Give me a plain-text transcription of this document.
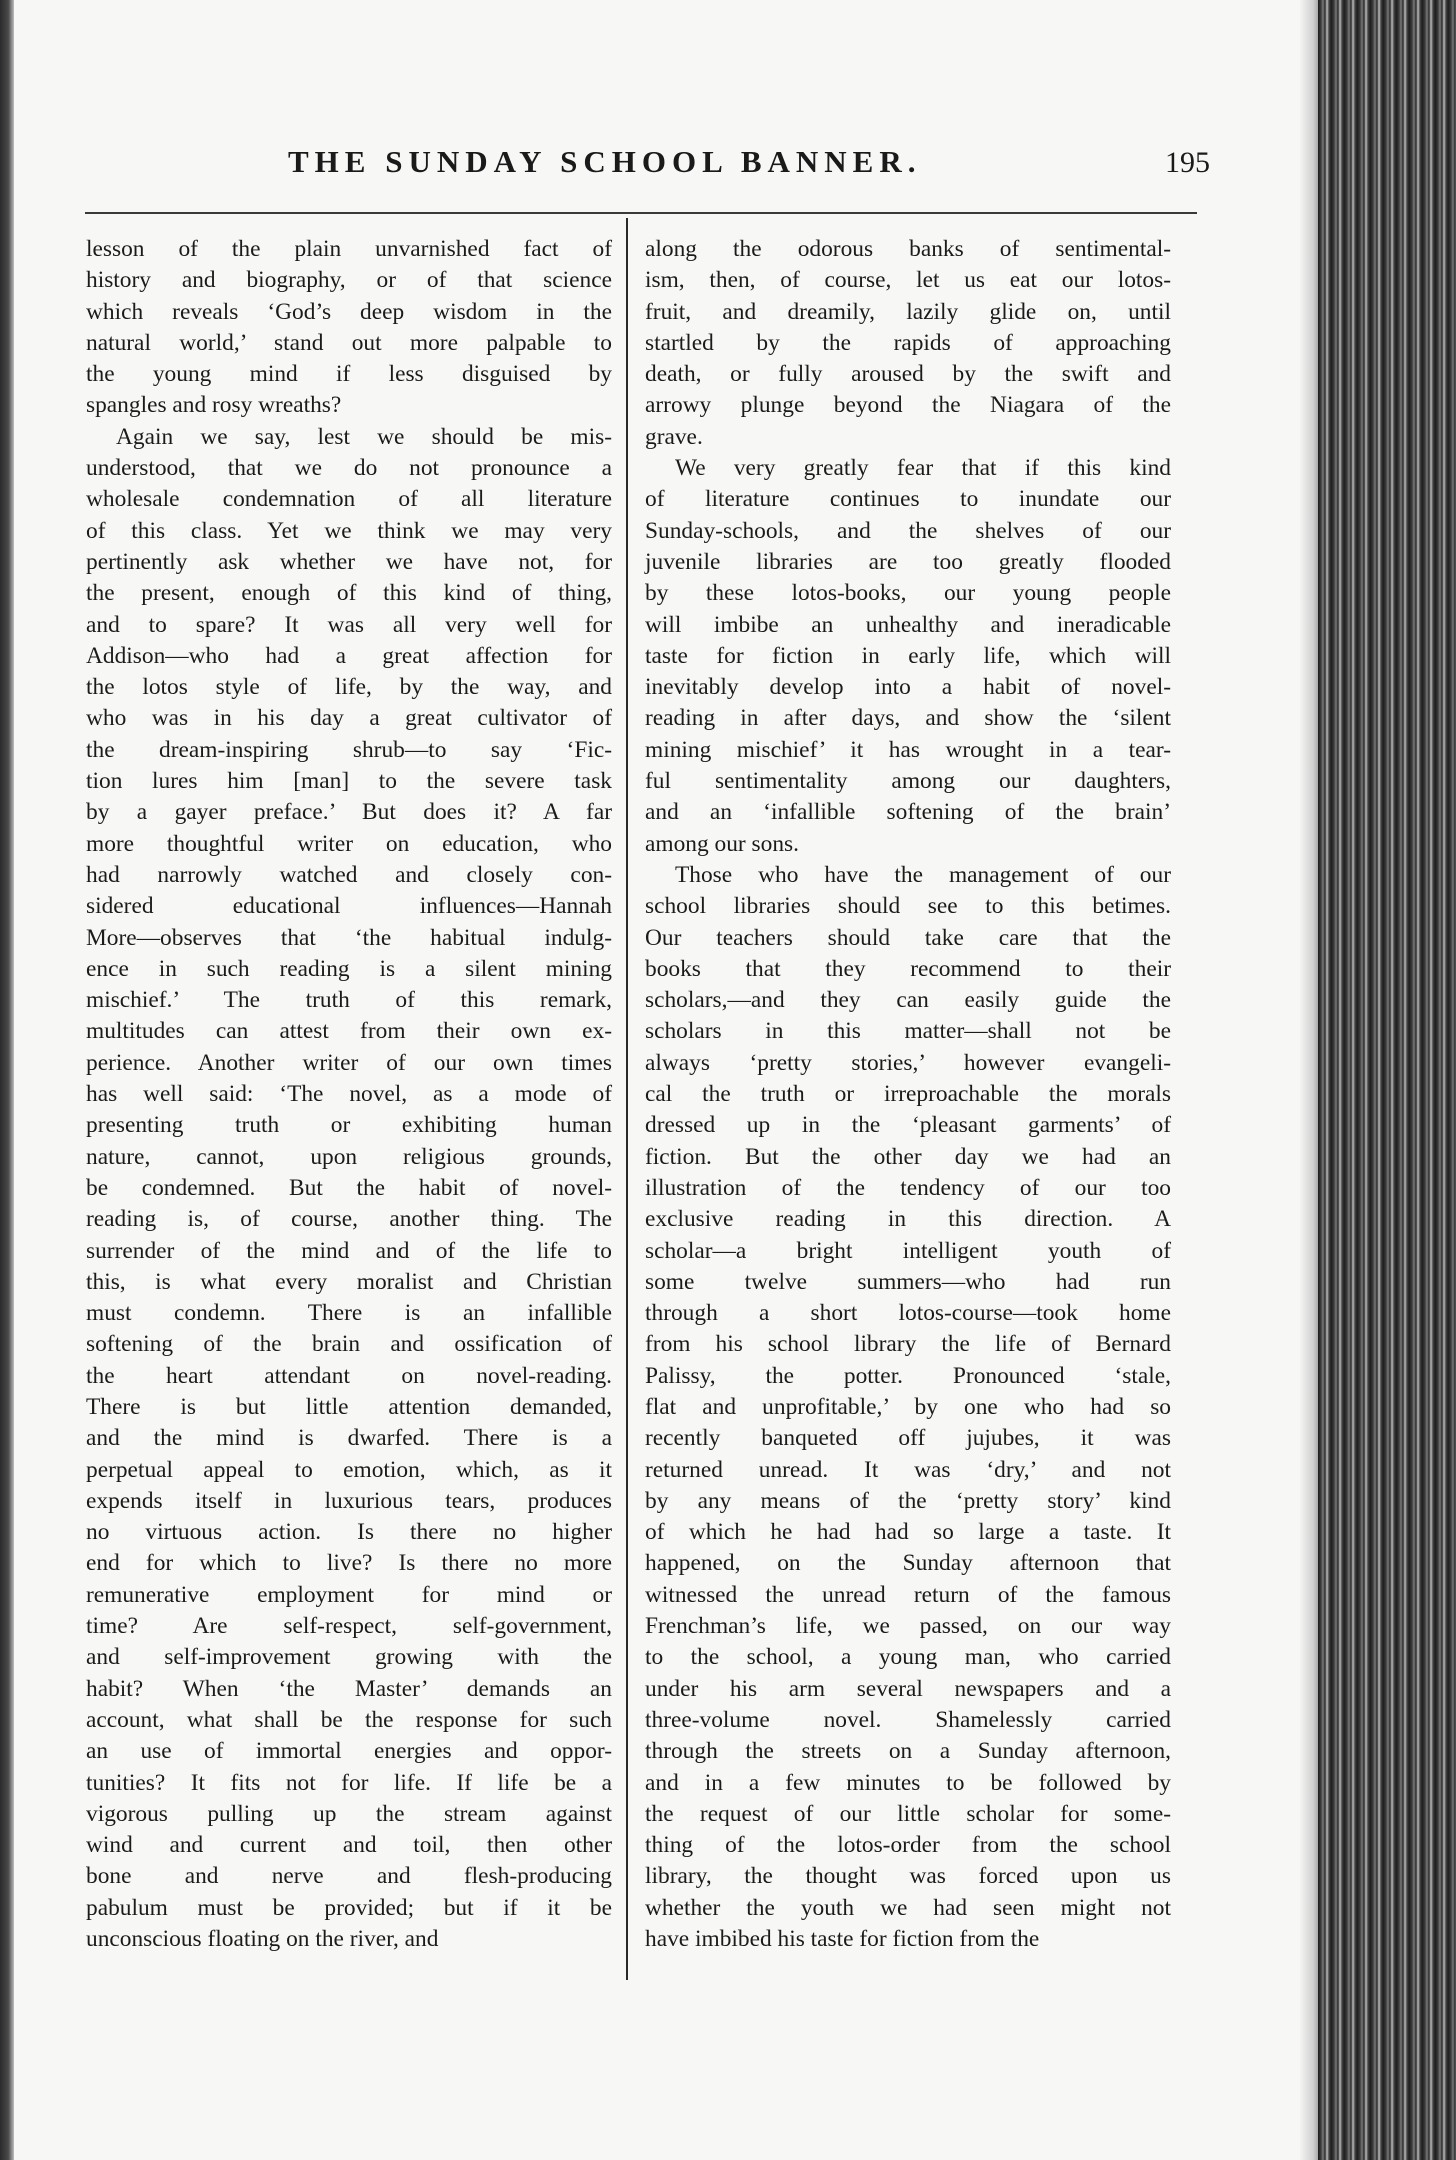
THE SUNDAY SCHOOL BANNER.	195
lesson of the plain unvarnished fact of
history and biography, or of that science
which reveals ‘God’s deep wisdom in the
natural world,’ stand out more palpable to
the young mind if less disguised by
spangles and rosy wreaths?
Again we say, lest we should be mis-
understood, that we do not pronounce a
wholesale condemnation of all literature
of this class. Yet we think we may very
pertinently ask whether we have not, for
the present, enough of this kind of thing,
and to spare? It was all very well for
Addison—who had a great affection for
the lotos style of life, by the way, and
who was in his day a great cultivator of
the dream-inspiring shrub—to say ‘Fic-
tion lures him [man] to the severe task
by a gayer preface.’ But does it? A far
more thoughtful writer on education, who
had narrowly watched and closely con-
sidered educational influences—Hannah
More—observes that ‘the habitual indulg-
ence in such reading is a silent mining
mischief.’ The truth of this remark,
multitudes can attest from their own ex-
perience. Another writer of our own times
has well said: ‘The novel, as a mode of
presenting truth or exhibiting human
nature, cannot, upon religious grounds,
be condemned. But the habit of novel-
reading is, of course, another thing. The
surrender of the mind and of the life to
this, is what every moralist and Christian
must condemn. There is an infallible
softening of the brain and ossification of
the heart attendant on novel-reading.
There is but little attention demanded,
and the mind is dwarfed. There is a
perpetual appeal to emotion, which, as it
expends itself in luxurious tears, produces
no virtuous action. Is there no higher
end for which to live? Is there no more
remunerative employment for mind or
time? Are self-respect, self-government,
and self-improvement growing with the
habit? When ‘the Master’ demands an
account, what shall be the response for such
an use of immortal energies and oppor-
tunities? It fits not for life. If life be a
vigorous pulling up the stream against
wind and current and toil, then other
bone and nerve and flesh-producing
pabulum must be provided; but if it be
unconscious floating on the river, and
along the odorous banks of sentimental-
ism, then, of course, let us eat our lotos-
fruit, and dreamily, lazily glide on, until
startled by the rapids of approaching
death, or fully aroused by the swift and
arrowy plunge beyond the Niagara of the
grave.
We very greatly fear that if this kind
of literature continues to inundate our
Sunday-schools, and the shelves of our
juvenile libraries are too greatly flooded
by these lotos-books, our young people
will imbibe an unhealthy and ineradicable
taste for fiction in early life, which will
inevitably develop into a habit of novel-
reading in after days, and show the ‘silent
mining mischief’ it has wrought in a tear-
ful sentimentality among our daughters,
and an ‘infallible softening of the brain’
among our sons.
Those who have the management of our
school libraries should see to this betimes.
Our teachers should take care that the
books that they recommend to their
scholars,—and they can easily guide the
scholars in this matter—shall not be
always ‘pretty stories,’ however evangeli-
cal the truth or irreproachable the morals
dressed up in the ‘pleasant garments’ of
fiction. But the other day we had an
illustration of the tendency of our too
exclusive reading in this direction. A
scholar—a bright intelligent youth of
some twelve summers—who had run
through a short lotos-course—took home
from his school library the life of Bernard
Palissy, the potter. Pronounced ‘stale,
flat and unprofitable,’ by one who had so
recently banqueted off jujubes, it was
returned unread. It was ‘dry,’ and not
by any means of the ‘pretty story’ kind
of which he had had so large a taste. It
happened, on the Sunday afternoon that
witnessed the unread return of the famous
Frenchman’s life, we passed, on our way
to the school, a young man, who carried
under his arm several newspapers and a
three-volume novel. Shamelessly carried
through the streets on a Sunday afternoon,
and in a few minutes to be followed by
the request of our little scholar for some-
thing of the lotos-order from the school
library, the thought was forced upon us
whether the youth we had seen might not
have imbibed his taste for fiction from the
